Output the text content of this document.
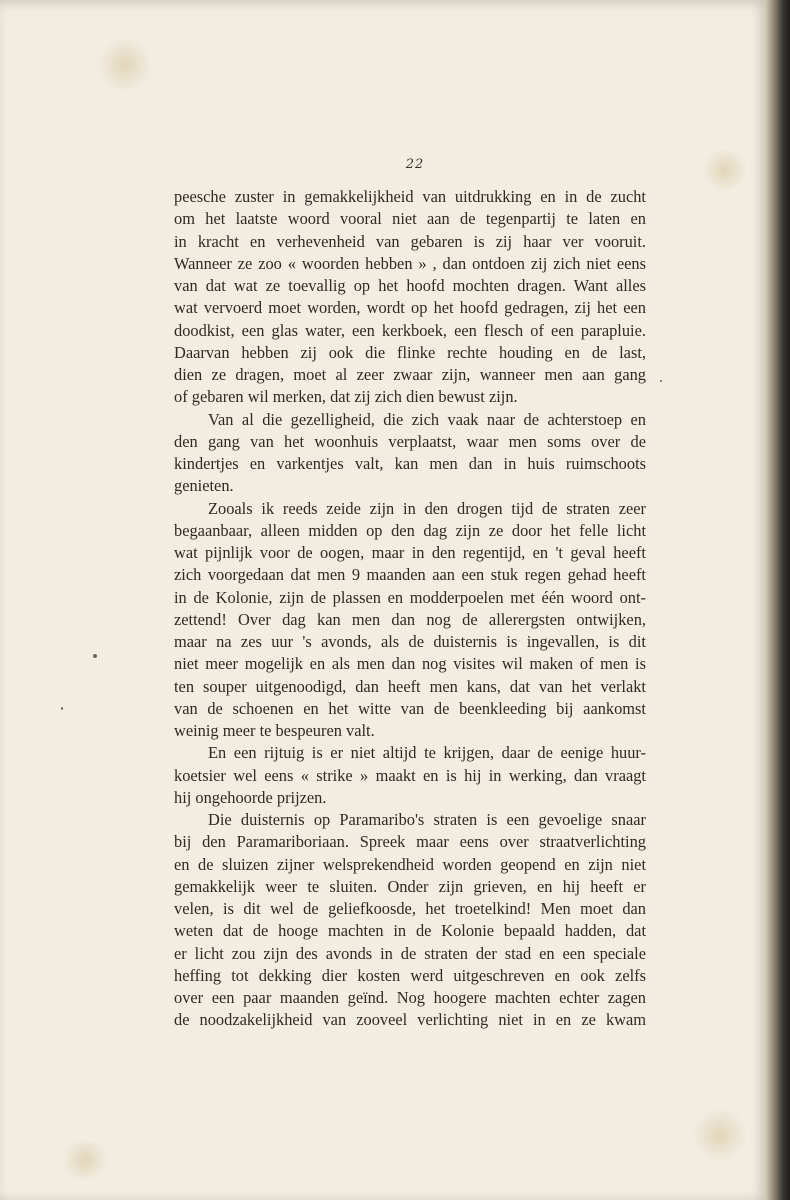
22
peesche zuster in gemakkelijkheid van uitdrukking en in de zucht
om het laatste woord vooral niet aan de tegenpartij te laten en
in kracht en verhevenheid van gebaren is zij haar ver vooruit.
Wanneer ze zoo « woorden hebben » , dan ontdoen zij zich niet eens
van dat wat ze toevallig op het hoofd mochten dragen. Want alles
wat vervoerd moet worden, wordt op het hoofd gedragen, zij het een
doodkist, een glas water, een kerkboek, een flesch of een parapluie.
Daarvan hebben zij ook die flinke rechte houding en de last,
dien ze dragen, moet al zeer zwaar zijn, wanneer men aan gang
of gebaren wil merken, dat zij zich dien bewust zijn.
Van al die gezelligheid, die zich vaak naar de achterstoep en
den gang van het woonhuis verplaatst, waar men soms over de
kindertjes en varkentjes valt, kan men dan in huis ruimschoots
genieten.
Zooals ik reeds zeide zijn in den drogen tijd de straten zeer
begaanbaar, alleen midden op den dag zijn ze door het felle licht
wat pijnlijk voor de oogen, maar in den regentijd, en 't geval heeft
zich voorgedaan dat men 9 maanden aan een stuk regen gehad heeft
in de Kolonie, zijn de plassen en modderpoelen met één woord ont-
zettend! Over dag kan men dan nog de allerergsten ontwijken,
maar na zes uur 's avonds, als de duisternis is ingevallen, is dit
niet meer mogelijk en als men dan nog visites wil maken of men is
ten souper uitgenoodigd, dan heeft men kans, dat van het verlakt
van de schoenen en het witte van de beenkleeding bij aankomst
weinig meer te bespeuren valt.
En een rijtuig is er niet altijd te krijgen, daar de eenige huur-
koetsier wel eens « strike » maakt en is hij in werking, dan vraagt
hij ongehoorde prijzen.
Die duisternis op Paramaribo's straten is een gevoelige snaar
bij den Paramariboriaan. Spreek maar eens over straatverlichting
en de sluizen zijner welsprekendheid worden geopend en zijn niet
gemakkelijk weer te sluiten. Onder zijn grieven, en hij heeft er
velen, is dit wel de geliefkoosde, het troetelkind! Men moet dan
weten dat de hooge machten in de Kolonie bepaald hadden, dat
er licht zou zijn des avonds in de straten der stad en een speciale
heffing tot dekking dier kosten werd uitgeschreven en ook zelfs
over een paar maanden geïnd. Nog hoogere machten echter zagen
de noodzakelijkheid van zooveel verlichting niet in en ze kwam
